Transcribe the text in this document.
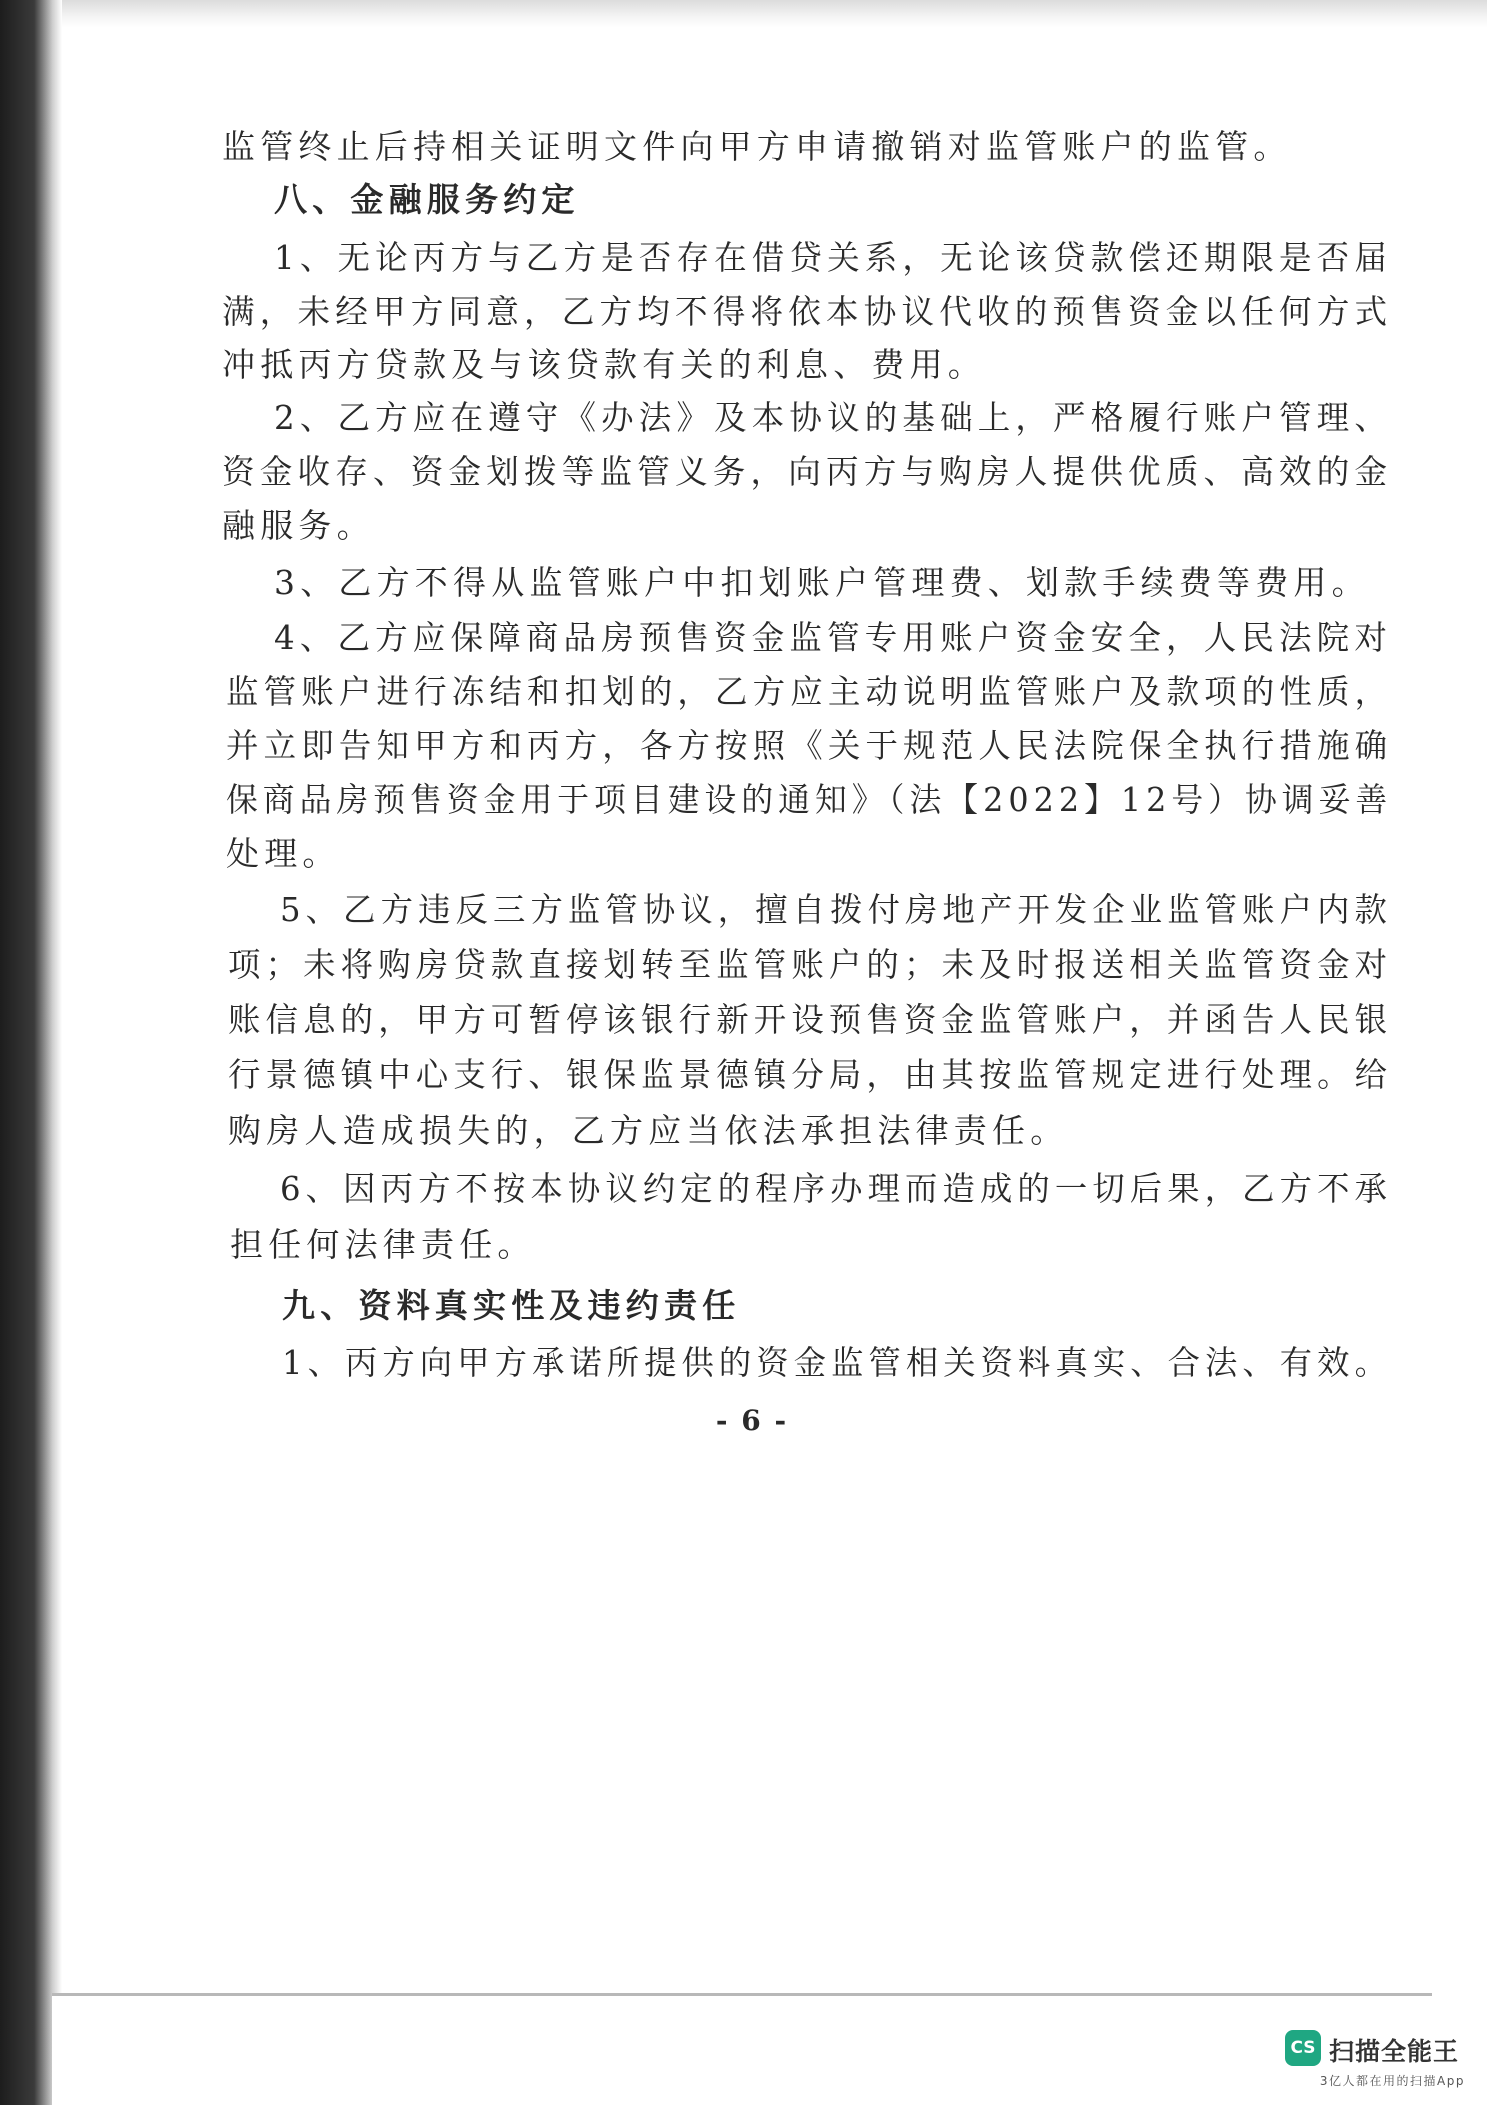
监管终止后持相关证明文件向甲方申请撤销对监管账户的监管。

八、金融服务约定

1、无论丙方与乙方是否存在借贷关系，无论该贷款偿还期限是否届

满，未经甲方同意，乙方均不得将依本协议代收的预售资金以任何方式

冲抵丙方贷款及与该贷款有关的利息、费用。

2、乙方应在遵守《办法》及本协议的基础上，严格履行账户管理、

资金收存、资金划拨等监管义务，向丙方与购房人提供优质、高效的金

融服务。

3、乙方不得从监管账户中扣划账户管理费、划款手续费等费用。

4、乙方应保障商品房预售资金监管专用账户资金安全，人民法院对

监管账户进行冻结和扣划的，乙方应主动说明监管账户及款项的性质，

并立即告知甲方和丙方，各方按照《关于规范人民法院保全执行措施确

保商品房预售资金用于项目建设的通知》（法【2022】12号）协调妥善

处理。

5、乙方违反三方监管协议，擅自拨付房地产开发企业监管账户内款

项；未将购房贷款直接划转至监管账户的；未及时报送相关监管资金对

账信息的，甲方可暂停该银行新开设预售资金监管账户，并函告人民银

行景德镇中心支行、银保监景德镇分局，由其按监管规定进行处理。给

购房人造成损失的，乙方应当依法承担法律责任。

6、因丙方不按本协议约定的程序办理而造成的一切后果，乙方不承

担任何法律责任。

九、资料真实性及违约责任

1、丙方向甲方承诺所提供的资金监管相关资料真实、合法、有效。

- 6 -
CS 扫描全能王
3亿人都在用的扫描App
